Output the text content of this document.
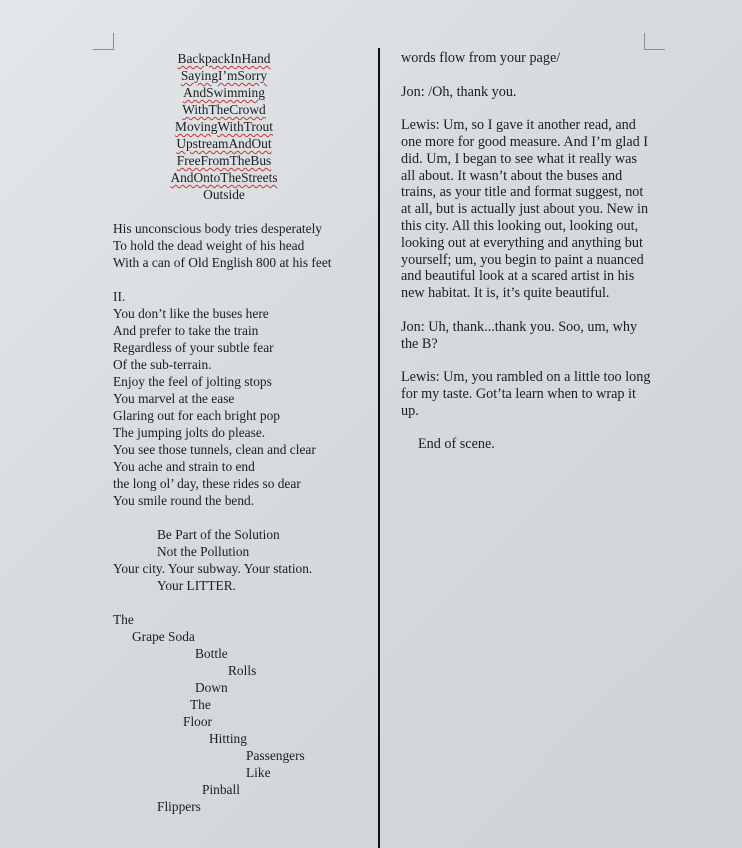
BackpackInHand
SayingI’mSorry
AndSwimming
WithTheCrowd
MovingWithTrout
UpstreamAndOut
FreeFromTheBus
AndOntoTheStreets
Outside
His unconscious body tries desperately
To hold the dead weight of his head
With a can of Old English 800 at his feet
II.
You don’t like the buses here
And prefer to take the train
Regardless of your subtle fear
Of the sub-terrain.
Enjoy the feel of jolting stops
You marvel at the ease
Glaring out for each bright pop
The jumping jolts do please.
You see those tunnels, clean and clear
You ache and strain to end
the long ol’ day, these rides so dear
You smile round the bend.
Be Part of the Solution
Not the Pollution
Your city. Your subway. Your station.
Your LITTER.
The
Grape Soda
Bottle
Rolls
Down
The
Floor
Hitting
Passengers
Like
Pinball
Flippers

words flow from your page/

Jon: /Oh, thank you.

Lewis: Um, so I gave it another read, and one more for good measure. And I’m glad I did. Um, I began to see what it really was all about. It wasn’t about the buses and trains, as your title and format suggest, not at all, but is actually just about you. New in this city. All this looking out, looking out, looking out at everything and anything but yourself; um, you begin to paint a nuanced and beautiful look at a scared artist in his new habitat. It is, it’s quite beautiful.

Jon: Uh, thank...thank you. Soo, um, why the B?

Lewis: Um, you rambled on a little too long for my taste. Got’ta learn when to wrap it up.

End of scene.
